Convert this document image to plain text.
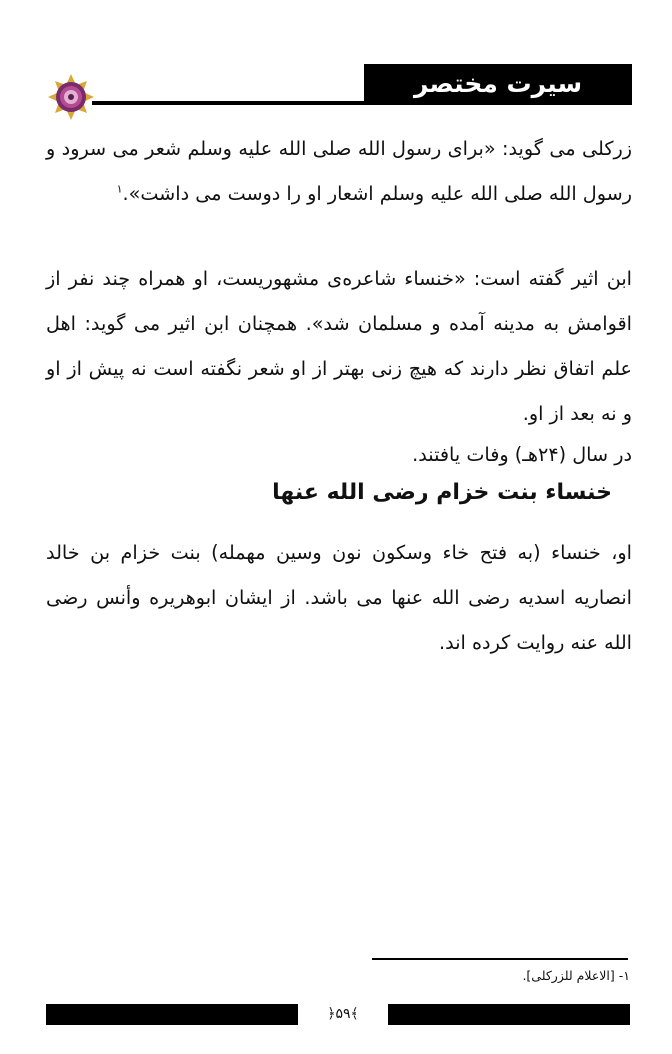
سیرت مختصر صحابیات

زرکلی می گوید: «برای رسول الله صلی الله علیه وسلم شعر می سرود و رسول الله صلی الله علیه وسلم اشعار او را دوست می داشت».$^۱$

ابن اثیر گفته است: «خنساء شاعره‌ی مشهوریست، او همراه چند نفر از اقوامش به مدینه آمده و مسلمان شد». همچنان ابن اثیر می گوید: اهل علم اتفاق نظر دارند که هیچ زنی بهتر از او شعر نگفته است نه پیش از او و نه بعد از او.

در سال (۲۴هـ) وفات یافتند.

خنساء بنت خزام رضی الله عنها

او، خنساء (به فتح خاء وسکون نون وسین مهمله) بنت خزام بن خالد انصاریه اسدیه رضی الله عنها می باشد. از ایشان ابوهریره وأنس رضی الله عنه روایت کرده اند.

۱- [الاعلام للزرکلی].
﴿۵۹﴾
